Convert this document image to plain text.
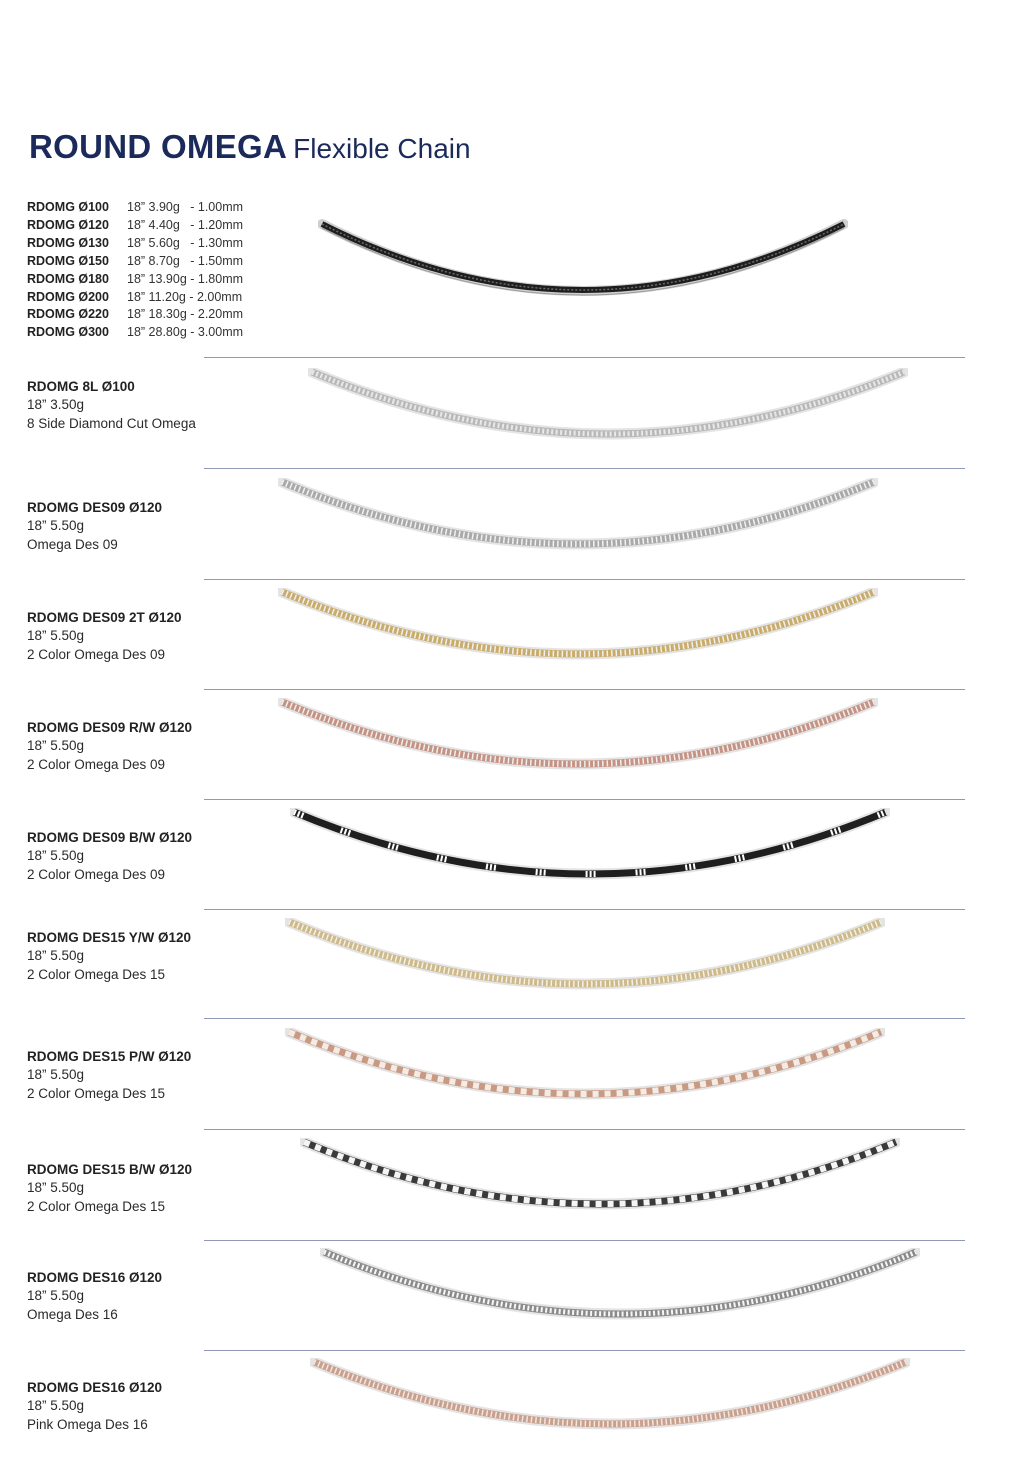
ROUND OMEGA Flexible Chain
RDOMG Ø100	18” 3.90g   - 1.00mm
RDOMG Ø120	18” 4.40g   - 1.20mm
RDOMG Ø130	18” 5.60g   - 1.30mm
RDOMG Ø150	18” 8.70g   - 1.50mm
RDOMG Ø180	18” 13.90g - 1.80mm
RDOMG Ø200	18” 11.20g - 2.00mm
RDOMG Ø220	18” 18.30g - 2.20mm
RDOMG Ø300	18” 28.80g - 3.00mm
RDOMG 8L Ø100
18” 3.50g
8 Side Diamond Cut Omega
RDOMG DES09 Ø120
18” 5.50g
Omega Des 09
RDOMG DES09 2T Ø120
18” 5.50g
2 Color Omega Des 09
RDOMG DES09 R/W Ø120
18” 5.50g
2 Color Omega Des 09
RDOMG DES09 B/W Ø120
18” 5.50g
2 Color Omega Des 09
RDOMG DES15 Y/W Ø120
18” 5.50g
2 Color Omega Des 15
RDOMG DES15 P/W Ø120
18” 5.50g
2 Color Omega Des 15
RDOMG DES15 B/W Ø120
18” 5.50g
2 Color Omega Des 15
RDOMG DES16 Ø120
18” 5.50g
Omega Des 16
RDOMG DES16 Ø120
18” 5.50g
Pink Omega Des 16
